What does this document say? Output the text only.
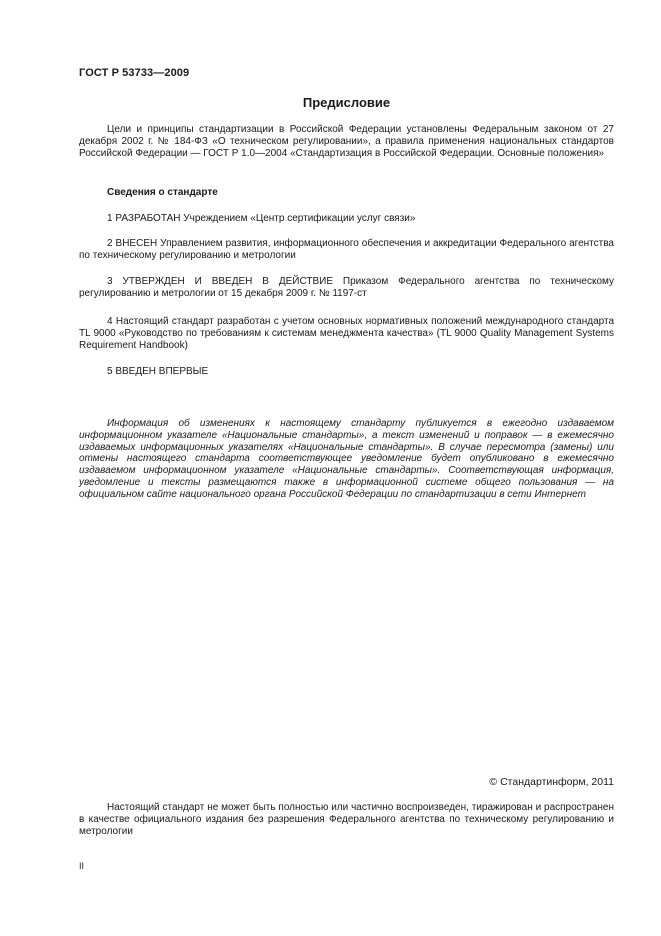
ГОСТ Р 53733—2009
Предисловие

Цели и принципы стандартизации в Российской Федерации установлены Федеральным законом от 27 декабря 2002 г. № 184-ФЗ «О техническом регулировании», а правила применения национальных стандартов Российской Федерации — ГОСТ Р 1.0—2004 «Стандартизация в Российской Федерации. Основные положения»

Сведения о стандарте

1 РАЗРАБОТАН Учреждением «Центр сертификации услуг связи»

2 ВНЕСЕН Управлением развития, информационного обеспечения и аккредитации Федерального агентства по техническому регулированию и метрологии

3 УТВЕРЖДЕН И ВВЕДЕН В ДЕЙСТВИЕ Приказом Федерального агентства по техническому регулированию и метрологии от 15 декабря 2009 г. № 1197-ст

4 Настоящий стандарт разработан с учетом основных нормативных положений международного стандарта TL 9000 «Руководство по требованиям к системам менеджмента качества» (TL 9000 Quality Management Systems Requirement Handbook)

5 ВВЕДЕН ВПЕРВЫЕ

Информация об изменениях к настоящему стандарту публикуется в ежегодно издаваемом информационном указателе «Национальные стандарты», а текст изменений и поправок — в ежемесячно издаваемых информационных указателях «Национальные стандарты». В случае пересмотра (замены) или отмены настоящего стандарта соответствующее уведомление будет опубликовано в ежемесячно издаваемом информационном указателе «Национальные стандарты». Соответствующая информация, уведомление и тексты размещаются также в информационной системе общего пользования — на официальном сайте национального органа Российской Федерации по стандартизации в сети Интернет

© Стандартинформ, 2011

Настоящий стандарт не может быть полностью или частично воспроизведен, тиражирован и распространен в качестве официального издания без разрешения Федерального агентства по техническому регулированию и метрологии

II
